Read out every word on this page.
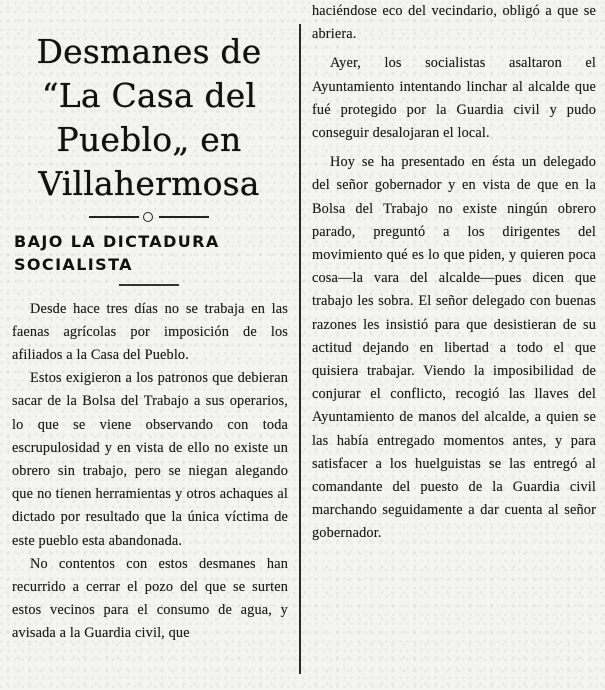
Desmanes de “La Casa del Pueblo„ en Villahermosa
BAJO LA DICTADURA SOCIALISTA

Desde hace tres días no se trabaja en las faenas agrícolas por imposición de los afiliados a la Casa del Pueblo.

Estos exigieron a los patronos que debieran sacar de la Bolsa del Trabajo a sus operarios, lo que se viene observando con toda escrupulosidad y en vista de ello no existe un obrero sin trabajo, pero se niegan alegando que no tienen herramientas y otros achaques al dictado por resultado que la única víctima de este pueblo esta abandonada.

No contentos con estos desmanes han recurrido a cerrar el pozo del que se surten estos vecinos para el consumo de agua, y avisada a la Guardia civil, que

haciéndose eco del vecindario, obligó a que se abriera.

Ayer, los socialistas asaltaron el Ayuntamiento intentando linchar al alcalde que fué protegido por la Guardia civil y pudo conseguir desalojaran el local.

Hoy se ha presentado en ésta un delegado del señor gobernador y en vista de que en la Bolsa del Trabajo no existe ningún obrero parado, preguntó a los dirigentes del movimiento qué es lo que piden, y quieren poca cosa—la vara del alcalde—pues dicen que trabajo les sobra. El señor delegado con buenas razones les insistió para que desistieran de su actitud dejando en libertad a todo el que quisiera trabajar. Viendo la imposibilidad de conjurar el conflicto, recogió las llaves del Ayuntamiento de manos del alcalde, a quien se las había entregado momentos antes, y para satisfacer a los huelguistas se las entregó al comandante del puesto de la Guardia civil marchando seguidamente a dar cuenta al señor gobernador.
